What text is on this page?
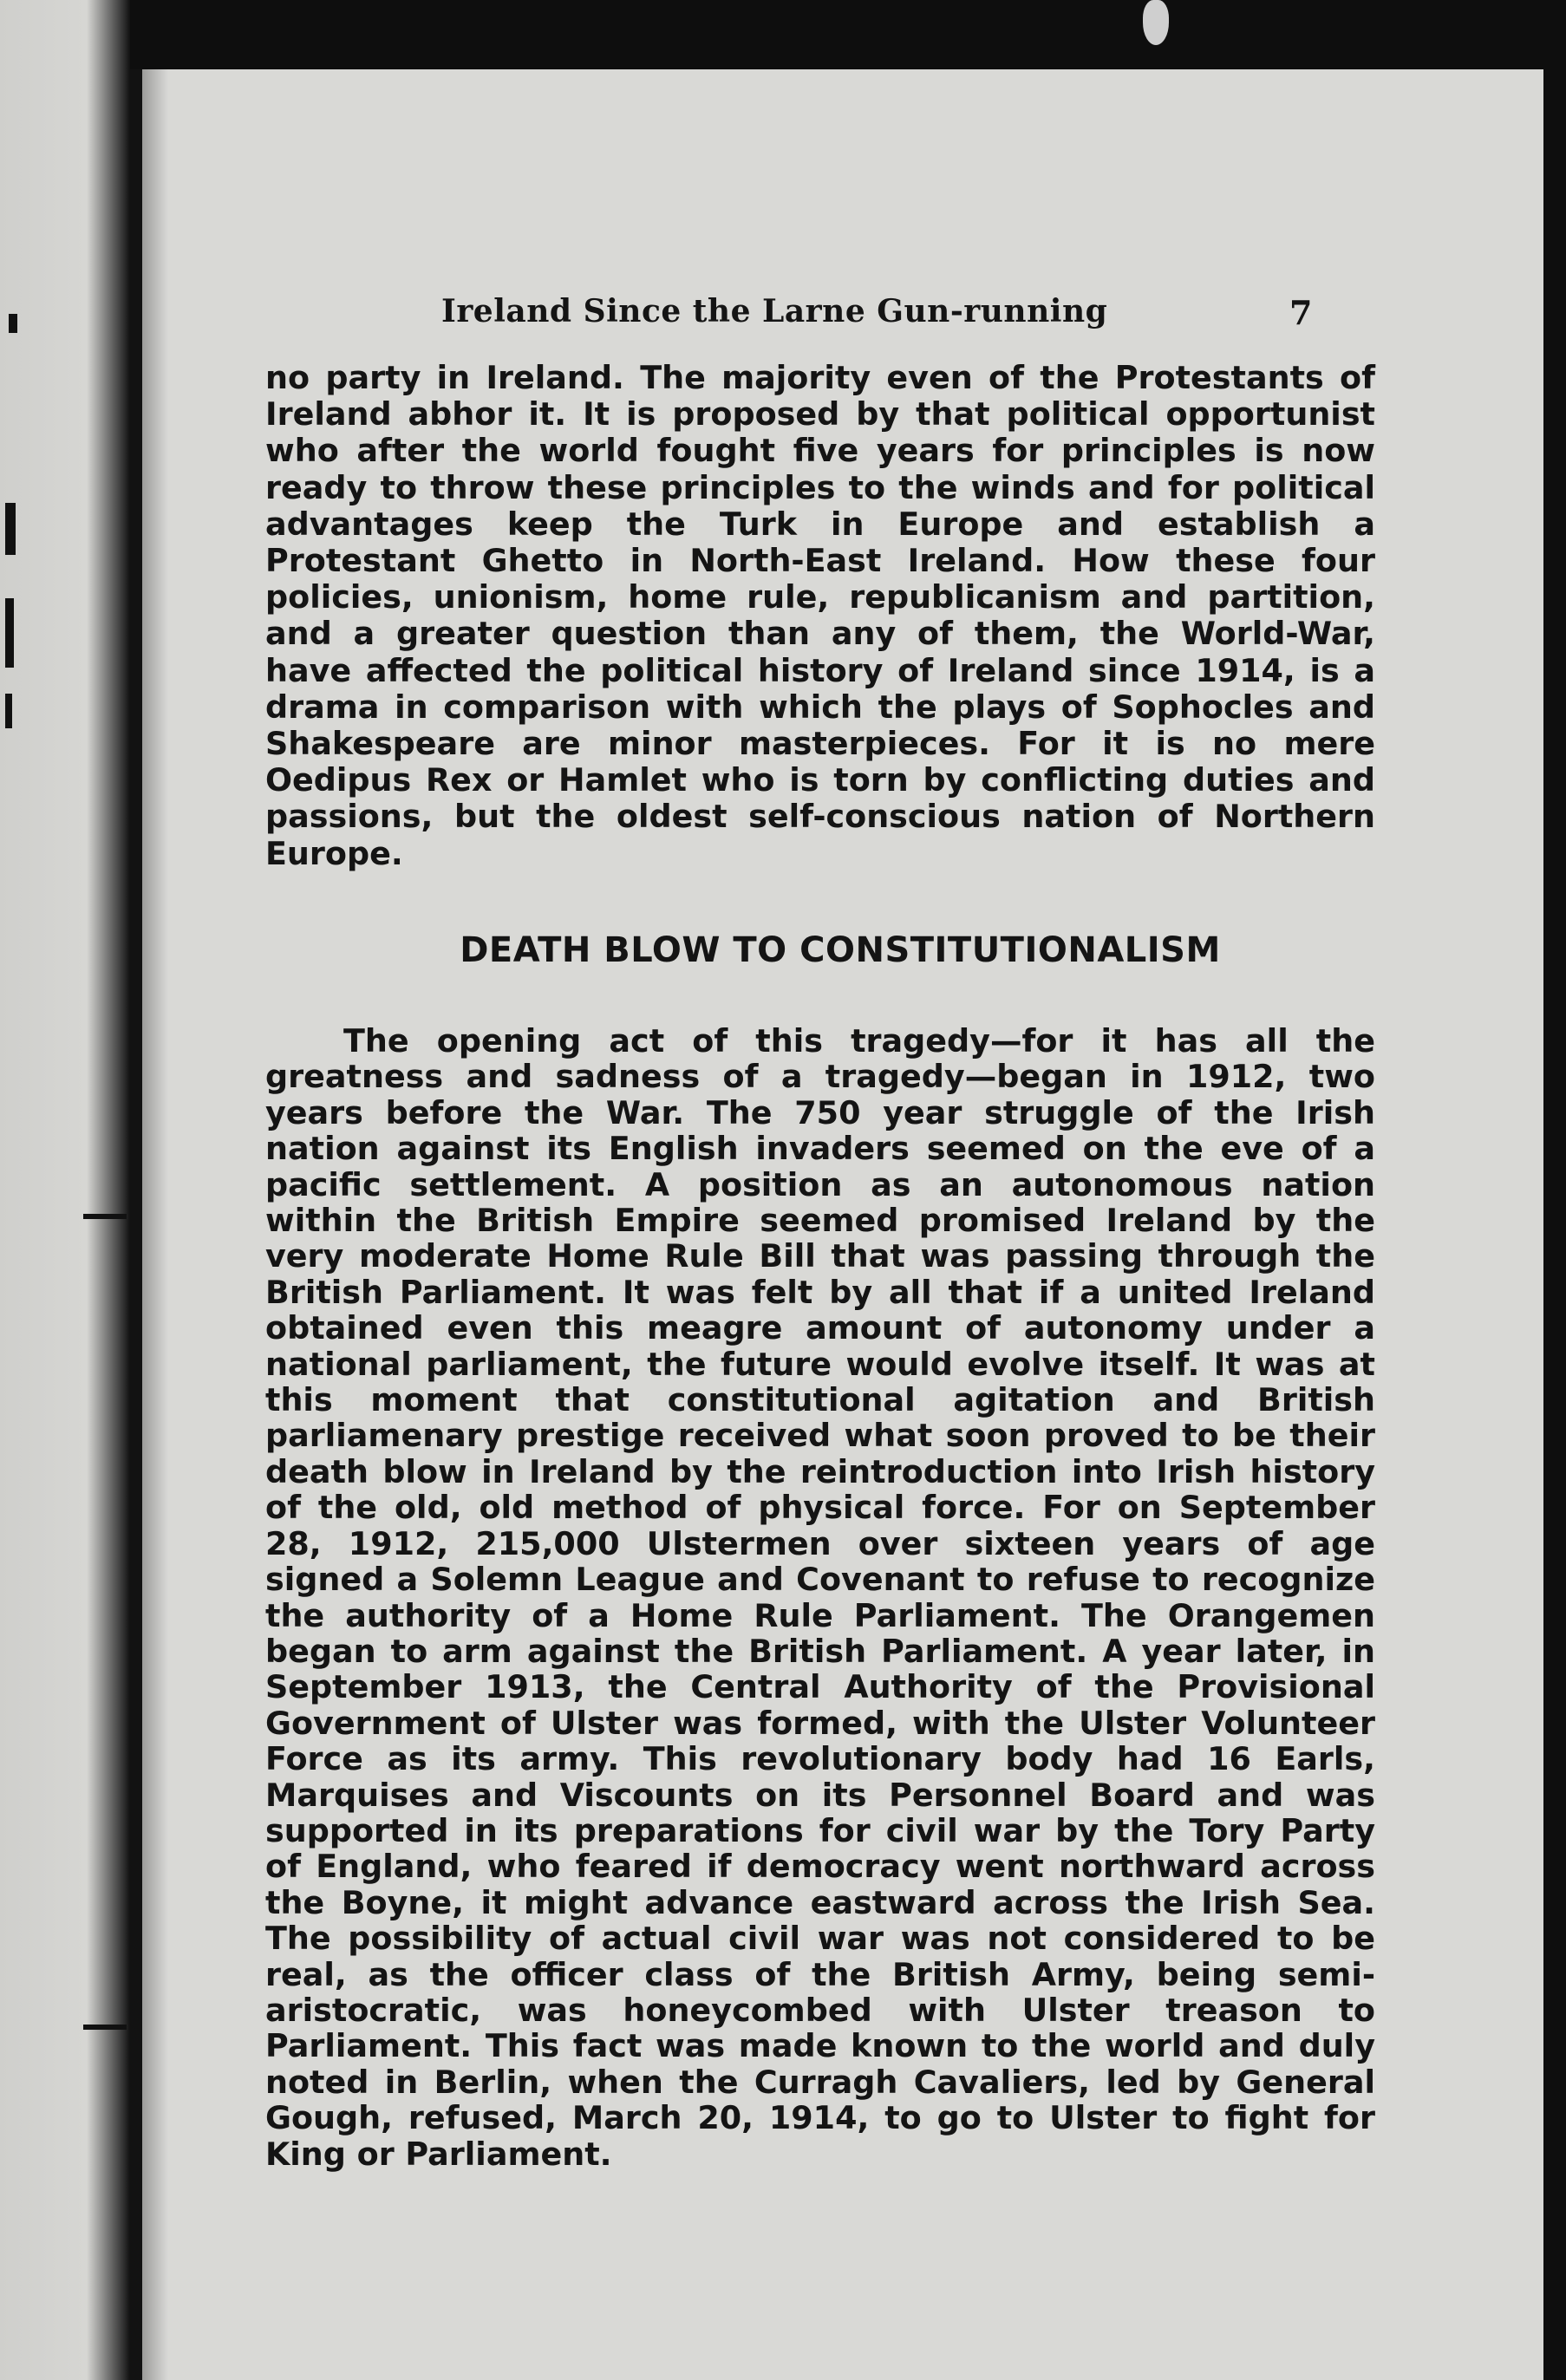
Ireland Since the Larne Gun-running	7

no party in Ireland. The majority even of the Protestants of Ireland abhor it. It is proposed by that political opportunist who after the world fought five years for principles is now ready to throw these principles to the winds and for political advantages keep the Turk in Europe and establish a Protestant Ghetto in North-East Ireland. How these four policies, unionism, home rule, republicanism and partition, and a greater question than any of them, the World-War, have affected the political history of Ireland since 1914, is a drama in comparison with which the plays of Sophocles and Shakespeare are minor masterpieces. For it is no mere Oedipus Rex or Hamlet who is torn by conflicting duties and passions, but the oldest self-conscious nation of Northern Europe.

DEATH BLOW TO CONSTITUTIONALISM

The opening act of this tragedy—for it has all the greatness and sadness of a tragedy—began in 1912, two years before the War. The 750 year struggle of the Irish nation against its English invaders seemed on the eve of a pacific settlement. A position as an autonomous nation within the British Empire seemed promised Ireland by the very moderate Home Rule Bill that was passing through the British Parliament. It was felt by all that if a united Ireland obtained even this meagre amount of autonomy under a national parliament, the future would evolve itself. It was at this moment that constitutional agitation and British parliamenary prestige received what soon proved to be their death blow in Ireland by the reintroduction into Irish history of the old, old method of physical force. For on September 28, 1912, 215,000 Ulstermen over sixteen years of age signed a Solemn League and Covenant to refuse to recognize the authority of a Home Rule Parliament. The Orangemen began to arm against the British Parliament. A year later, in September 1913, the Central Authority of the Provisional Government of Ulster was formed, with the Ulster Volunteer Force as its army. This revolutionary body had 16 Earls, Marquises and Viscounts on its Personnel Board and was supported in its preparations for civil war by the Tory Party of England, who feared if democracy went northward across the Boyne, it might advance eastward across the Irish Sea. The possibility of actual civil war was not considered to be real, as the officer class of the British Army, being semi-aristocratic, was honeycombed with Ulster treason to Parliament. This fact was made known to the world and duly noted in Berlin, when the Curragh Cavaliers, led by General Gough, refused, March 20, 1914, to go to Ulster to fight for King or Parliament.
